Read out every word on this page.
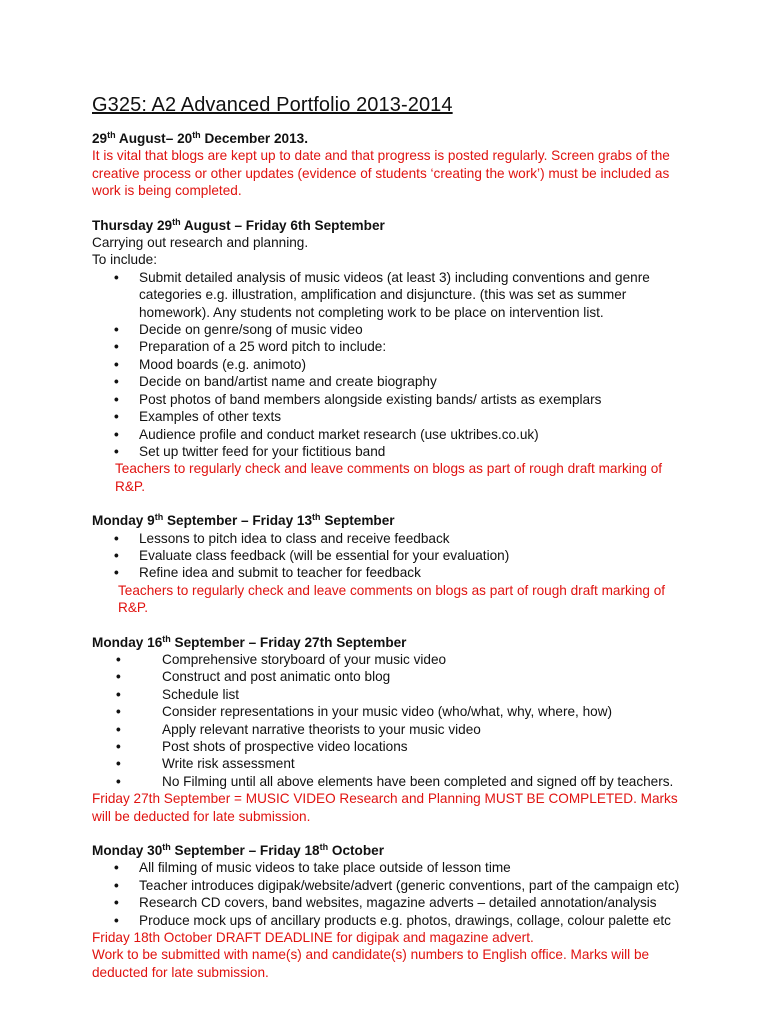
G325: A2 Advanced Portfolio 2013-2014
29th August– 20th December 2013.
It is vital that blogs are kept up to date and that progress is posted regularly. Screen grabs of the creative process or other updates (evidence of students ‘creating the work’) must be included as work is being completed.
Thursday 29th August – Friday 6th September
Carrying out research and planning.
To include:
• Submit detailed analysis of music videos (at least 3) including conventions and genre categories e.g. illustration, amplification and disjuncture. (this was set as summer homework). Any students not completing work to be place on intervention list.
• Decide on genre/song of music video
• Preparation of a 25 word pitch to include:
• Mood boards (e.g. animoto)
• Decide on band/artist name and create biography
• Post photos of band members alongside existing bands/ artists as exemplars
• Examples of other texts
• Audience profile and conduct market research (use uktribes.co.uk)
• Set up twitter feed for your fictitious band
Teachers to regularly check and leave comments on blogs as part of rough draft marking of R&P.
Monday 9th September – Friday 13th September
• Lessons to pitch idea to class and receive feedback
• Evaluate class feedback (will be essential for your evaluation)
• Refine idea and submit to teacher for feedback
Teachers to regularly check and leave comments on blogs as part of rough draft marking of R&P.
Monday 16th September – Friday 27th September
• Comprehensive storyboard of your music video
• Construct and post animatic onto blog
• Schedule list
• Consider representations in your music video (who/what, why, where, how)
• Apply relevant narrative theorists to your music video
• Post shots of prospective video locations
• Write risk assessment
• No Filming until all above elements have been completed and signed off by teachers.
Friday 27th September = MUSIC VIDEO Research and Planning MUST BE COMPLETED. Marks will be deducted for late submission.
Monday 30th September – Friday 18th October
• All filming of music videos to take place outside of lesson time
• Teacher introduces digipak/website/advert (generic conventions, part of the campaign etc)
• Research CD covers, band websites, magazine adverts – detailed annotation/analysis
• Produce mock ups of ancillary products e.g. photos, drawings, collage, colour palette etc
Friday 18th October DRAFT DEADLINE for digipak and magazine advert.
Work to be submitted with name(s) and candidate(s) numbers to English office. Marks will be deducted for late submission.
